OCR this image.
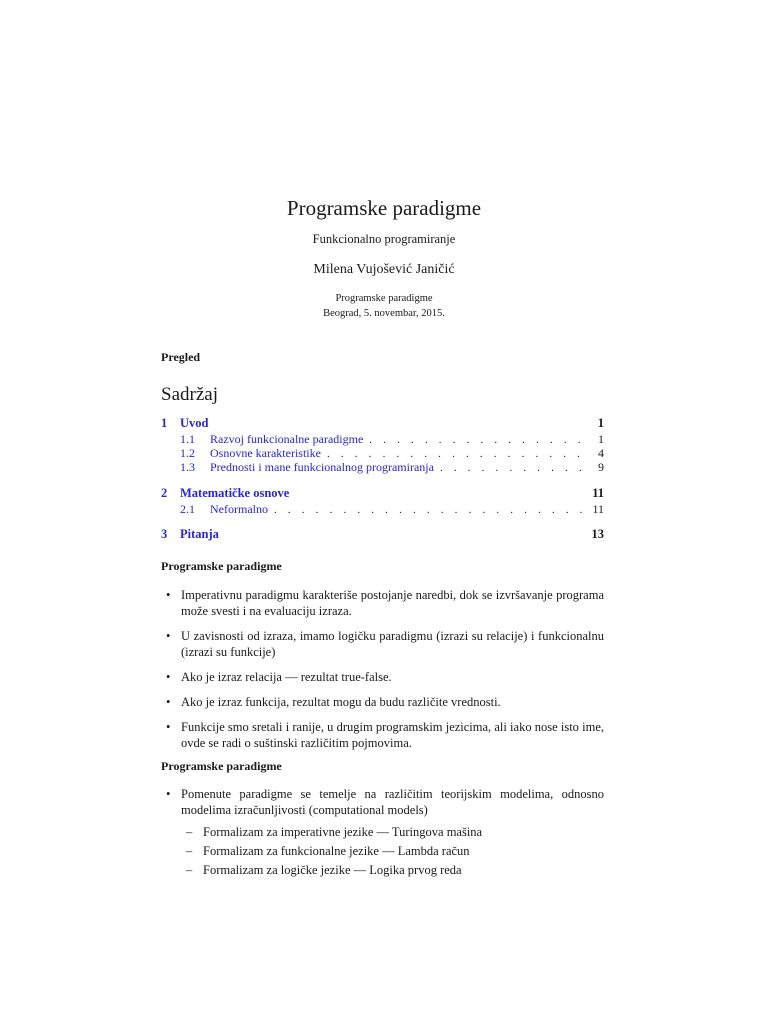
Programske paradigme
Funkcionalno programiranje
Milena Vujošević Janičić
Programske paradigme
Beograd, 5. novembar, 2015.
Pregled
Sadržaj
1	Uvod	1
1.1	Razvoj funkcionalne paradigme . . .	1
1.2	Osnovne karakteristike . . .	4
1.3	Prednosti i mane funkcionalnog programiranja . . .	9
2	Matematičke osnove	11
2.1	Neformalno . . .	11
3	Pitanja	13
Programske paradigme
• Imperativnu paradigmu karakteriše postojanje naredbi, dok se izvršavanje programa može svesti i na evaluaciju izraza.
• U zavisnosti od izraza, imamo logičku paradigmu (izrazi su relacije) i funkcionalnu (izrazi su funkcije)
• Ako je izraz relacija — rezultat true-false.
• Ako je izraz funkcija, rezultat mogu da budu različite vrednosti.
• Funkcije smo sretali i ranije, u drugim programskim jezicima, ali iako nose isto ime, ovde se radi o suštinski različitim pojmovima.
Programske paradigme
• Pomenute paradigme se temelje na različitim teorijskim modelima, odnosno modelima izračunljivosti (computational models)
– Formalizam za imperativne jezike — Turingova mašina
– Formalizam za funkcionalne jezike — Lambda račun
– Formalizam za logičke jezike — Logika prvog reda
